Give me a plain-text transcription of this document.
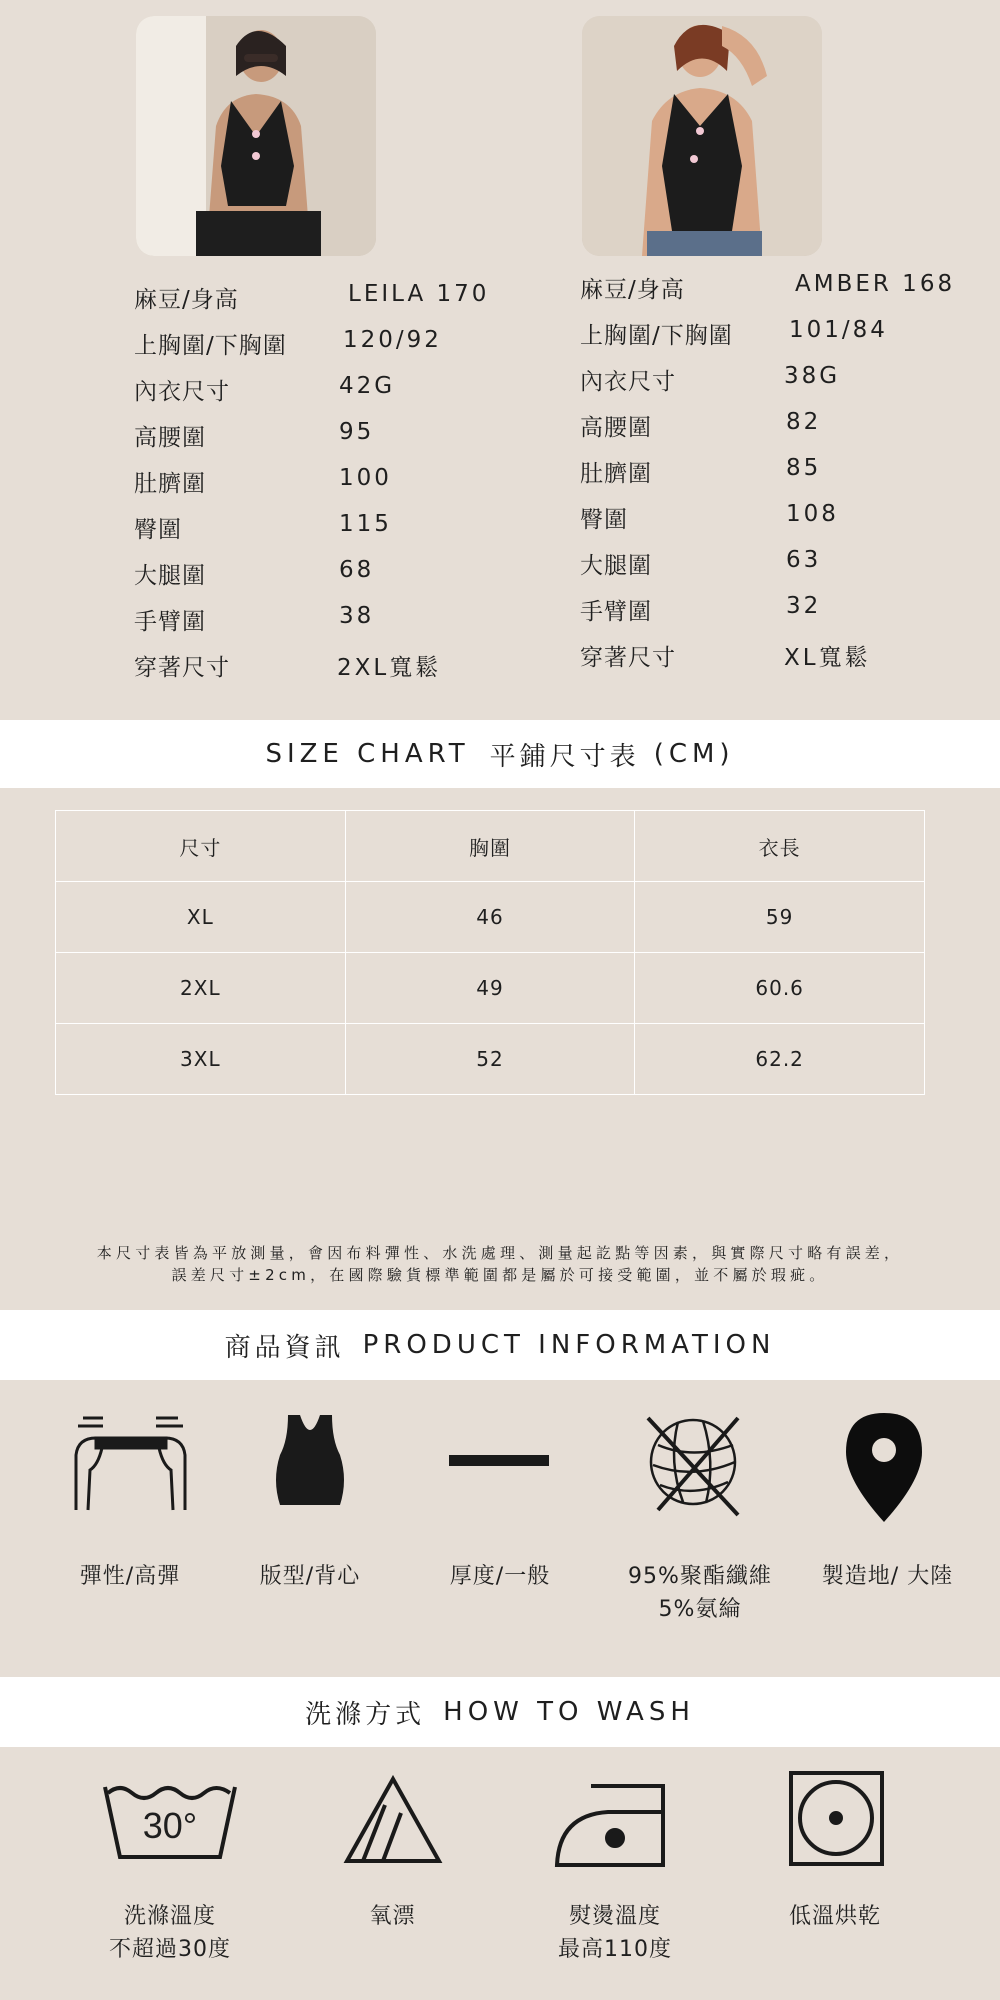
麻豆/身高	LEILA 170
上胸圍/下胸圍 120/92
內衣尺寸	42G
高腰圍	95
肚臍圍	100
臀圍	115
大腿圍	68
手臂圍	38
穿著尺寸	2XL寬鬆
麻豆/身高	AMBER 168
上胸圍/下胸圍 101/84
內衣尺寸	38G
高腰圍	82
肚臍圍	85
臀圍	108
大腿圍	63
手臂圍	32
穿著尺寸	XL寬鬆
SIZE CHART 平鋪尺寸表 (CM)
尺寸	胸圍	衣長
XL	46	59
2XL	49	60.6
3XL	52	62.2
本尺寸表皆為平放測量，會因布料彈性、水洗處理、測量起訖點等因素，與實際尺寸略有誤差，
誤差尺寸±2cm，在國際驗貨標準範圍都是屬於可接受範圍，並不屬於瑕疵。
商品資訊 PRODUCT INFORMATION
彈性/高彈	版型/背心	厚度/一般	95%聚酯纖維
5%氨綸
製造地/ 大陸
洗滌方式 HOW TO WASH
30°
洗滌溫度
不超過30度
氧漂	熨燙溫度
最高110度
低溫烘乾
